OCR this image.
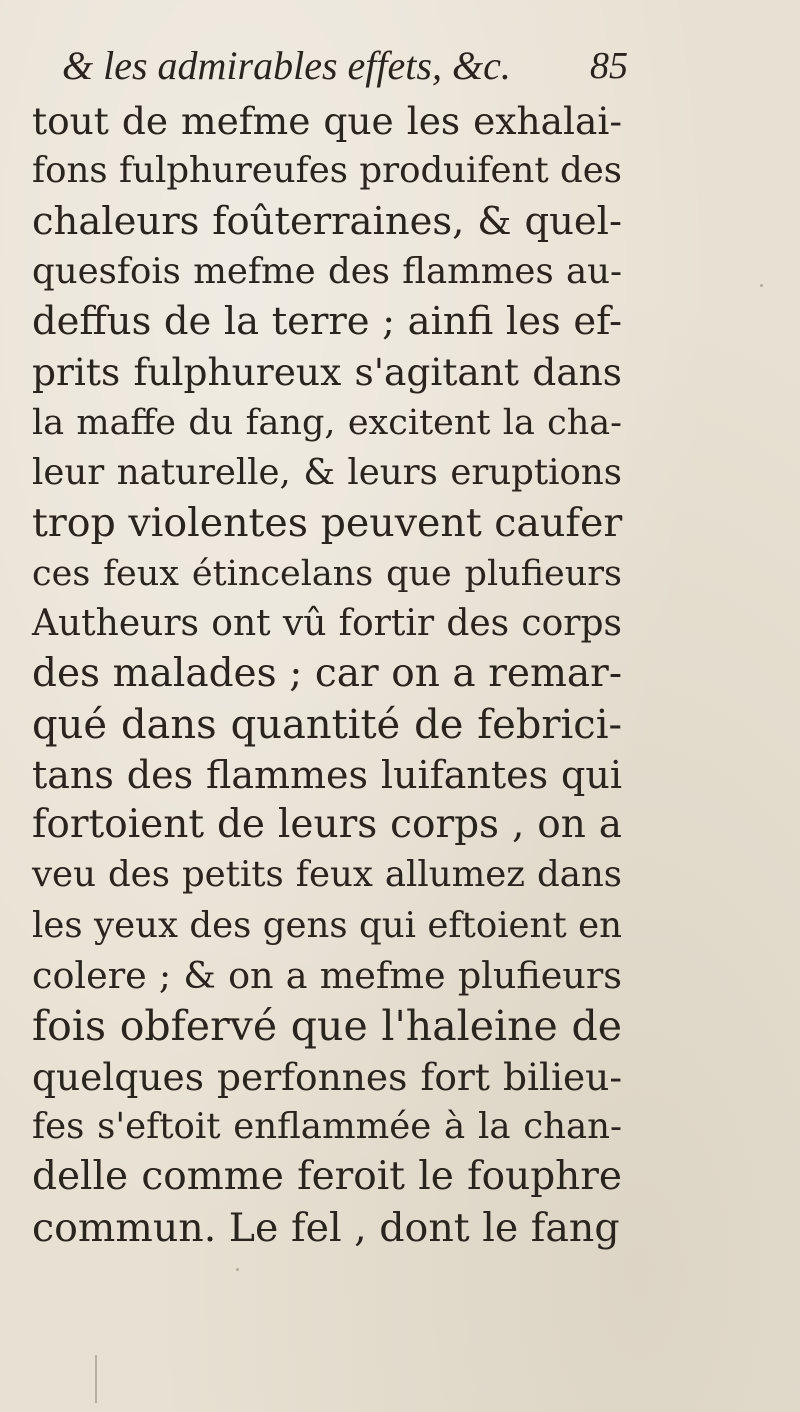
& les admirables effets, &c.	85
tout de mefme que les exhalai-
fons fulphureufes produifent des
chaleurs foûterraines, & quel-
quesfois mefme des flammes au-
deffus de la terre ; ainfi les ef-
prits fulphureux s'agitant dans
la maffe du fang, excitent la cha-
leur naturelle, & leurs eruptions
trop violentes peuvent caufer
ces feux étincelans que plufieurs
Autheurs ont vû fortir des corps
des malades ; car on a remar-
qué dans quantité de febrici-
tans des flammes luifantes qui
fortoient de leurs corps , on a
veu des petits feux allumez dans
les yeux des gens qui eftoient en
colere ; & on a mefme plufieurs
fois obfervé que l'haleine de
quelques perfonnes fort bilieu-
fes s'eftoit enflammée à la chan-
delle comme feroit le fouphre
commun. Le fel , dont le fang
